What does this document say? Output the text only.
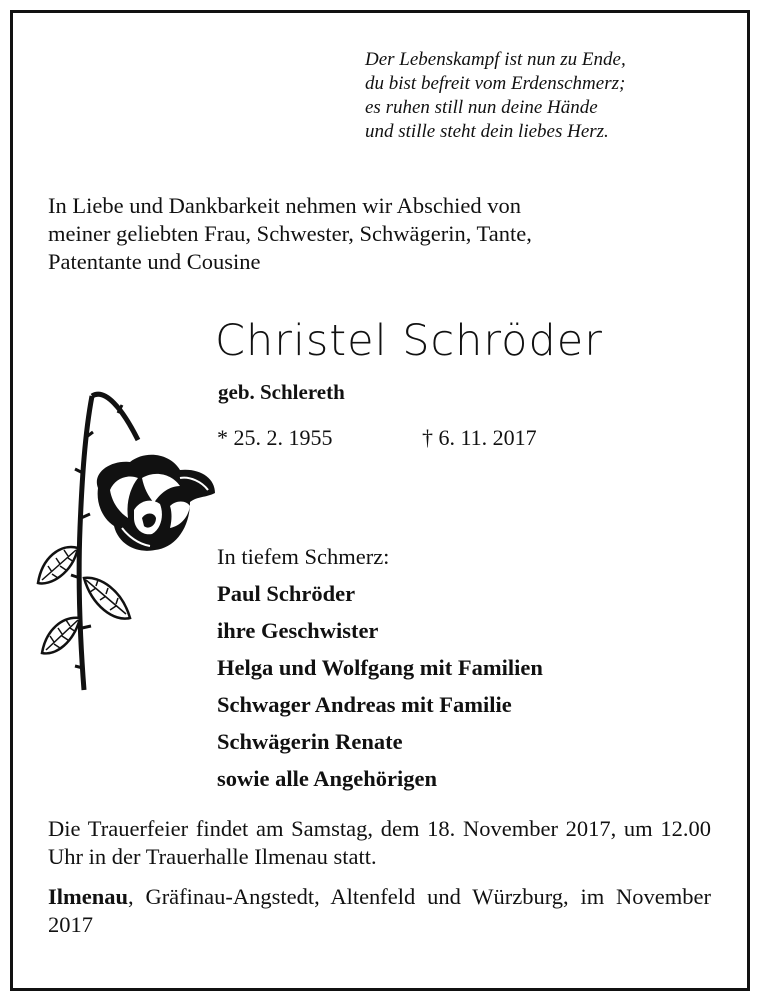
Der Lebenskampf ist nun zu Ende,
du bist befreit vom Erdenschmerz;
es ruhen still nun deine Hände
und stille steht dein liebes Herz.
In Liebe und Dankbarkeit nehmen wir Abschied von
meiner geliebten Frau, Schwester, Schwägerin, Tante,
Patentante und Cousine
Christel Schröder
geb. Schlereth
* 25. 2. 1955	† 6. 11. 2017
In tiefem Schmerz:
Paul Schröder
ihre Geschwister
Helga und Wolfgang mit Familien
Schwager Andreas mit Familie
Schwägerin Renate
sowie alle Angehörigen
Die Trauerfeier findet am Samstag, dem 18. November 2017, um 12.00 Uhr in der Trauerhalle Ilmenau statt.
Ilmenau, Gräfinau-Angstedt, Altenfeld und Würzburg, im November 2017
